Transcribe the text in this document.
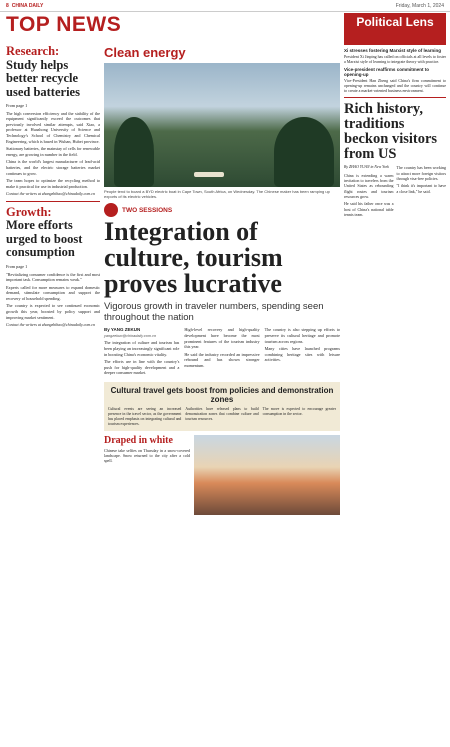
8 CHINA DAILY	Friday, March 1, 2024
TOP NEWS
Research:
Study helps better recycle used batteries

From page 1

The high conversion efficiency and the stability of the equipment significantly exceed the outcomes that previously involved similar attempts, said Xiao, a professor at Huazhong University of Science and Technology's School of Chemistry and Chemical Engineering, which is based in Wuhan, Hubei province.

Stationary batteries, the mainstay of cells for renewable energy, are growing in number in the field.

China is the world's largest manufacturer of lead-acid batteries, and the electric storage batteries market continues to grow.

The team hopes to optimize the recycling method to make it practical for use in industrial production.

Contact the writers at zhangzhihao@chinadaily.com.cn

Growth:
More efforts urged to boost consumption

From page 1

"Revitalizing consumer confidence is the first and most important task. Consumption remains weak."

Experts called for more measures to expand domestic demand, stimulate consumption and support the recovery of household spending.

The country is expected to see continued economic growth this year, boosted by policy support and improving market sentiment.

Contact the writers at zhangzhihao@chinadaily.com.cn

Clean energy
People tend to board a BYD electric boat in Cape Town, South Africa, on Wednesday. The Chinese maker has been ramping up exports of its electric vehicles.
TWO SESSIONS
Integration of culture, tourism proves lucrative
Vigorous growth in traveler numbers, spending seen throughout the nation
By YANG ZEKUN
yangzekun@chinadaily.com.cn

The integration of culture and tourism has been playing an increasingly significant role in boosting China's economic vitality.

The efforts are in line with the country's push for high-quality development and a deeper consumer market.

High-level recovery and high-quality development have become the most prominent features of the tourism industry this year.

He said the industry recorded an impressive rebound and has shown stronger momentum.

The country is also stepping up efforts to preserve its cultural heritage and promote tourism across regions.

Many cities have launched programs combining heritage sites with leisure activities.

Cultural travel gets boost from policies and demonstration zones

Cultural events are seeing an increased presence in the travel sector, as the government has placed emphasis on integrating cultural and tourism experiences.

Authorities have released plans to build demonstration zones that combine culture and tourism resources.

The move is expected to encourage greater consumption in the sector.

Draped in white

Chinese take selfies on Thursday in a snow-covered landscape. Snow returned to the city after a cold spell.

Political Lens
Xi stresses fostering Marxist style of learning

President Xi Jinping has called on officials at all levels to foster a Marxist style of learning to integrate theory with practice.

Vice-president reaffirms commitment to opening-up

Vice-President Han Zheng said China's firm commitment to opening-up remains unchanged and the country will continue to create a market-oriented business environment.

Rich history, traditions beckon visitors from US

By ZHAO YUAN in New York

China is extending a warm invitation to travelers from the United States as rebounding flight routes and tourism resources grow.

He said his father once was a host of China's national table tennis team.

The country has been working to attract more foreign visitors through visa-free policies.

"I think it's important to have a close link," he said.
